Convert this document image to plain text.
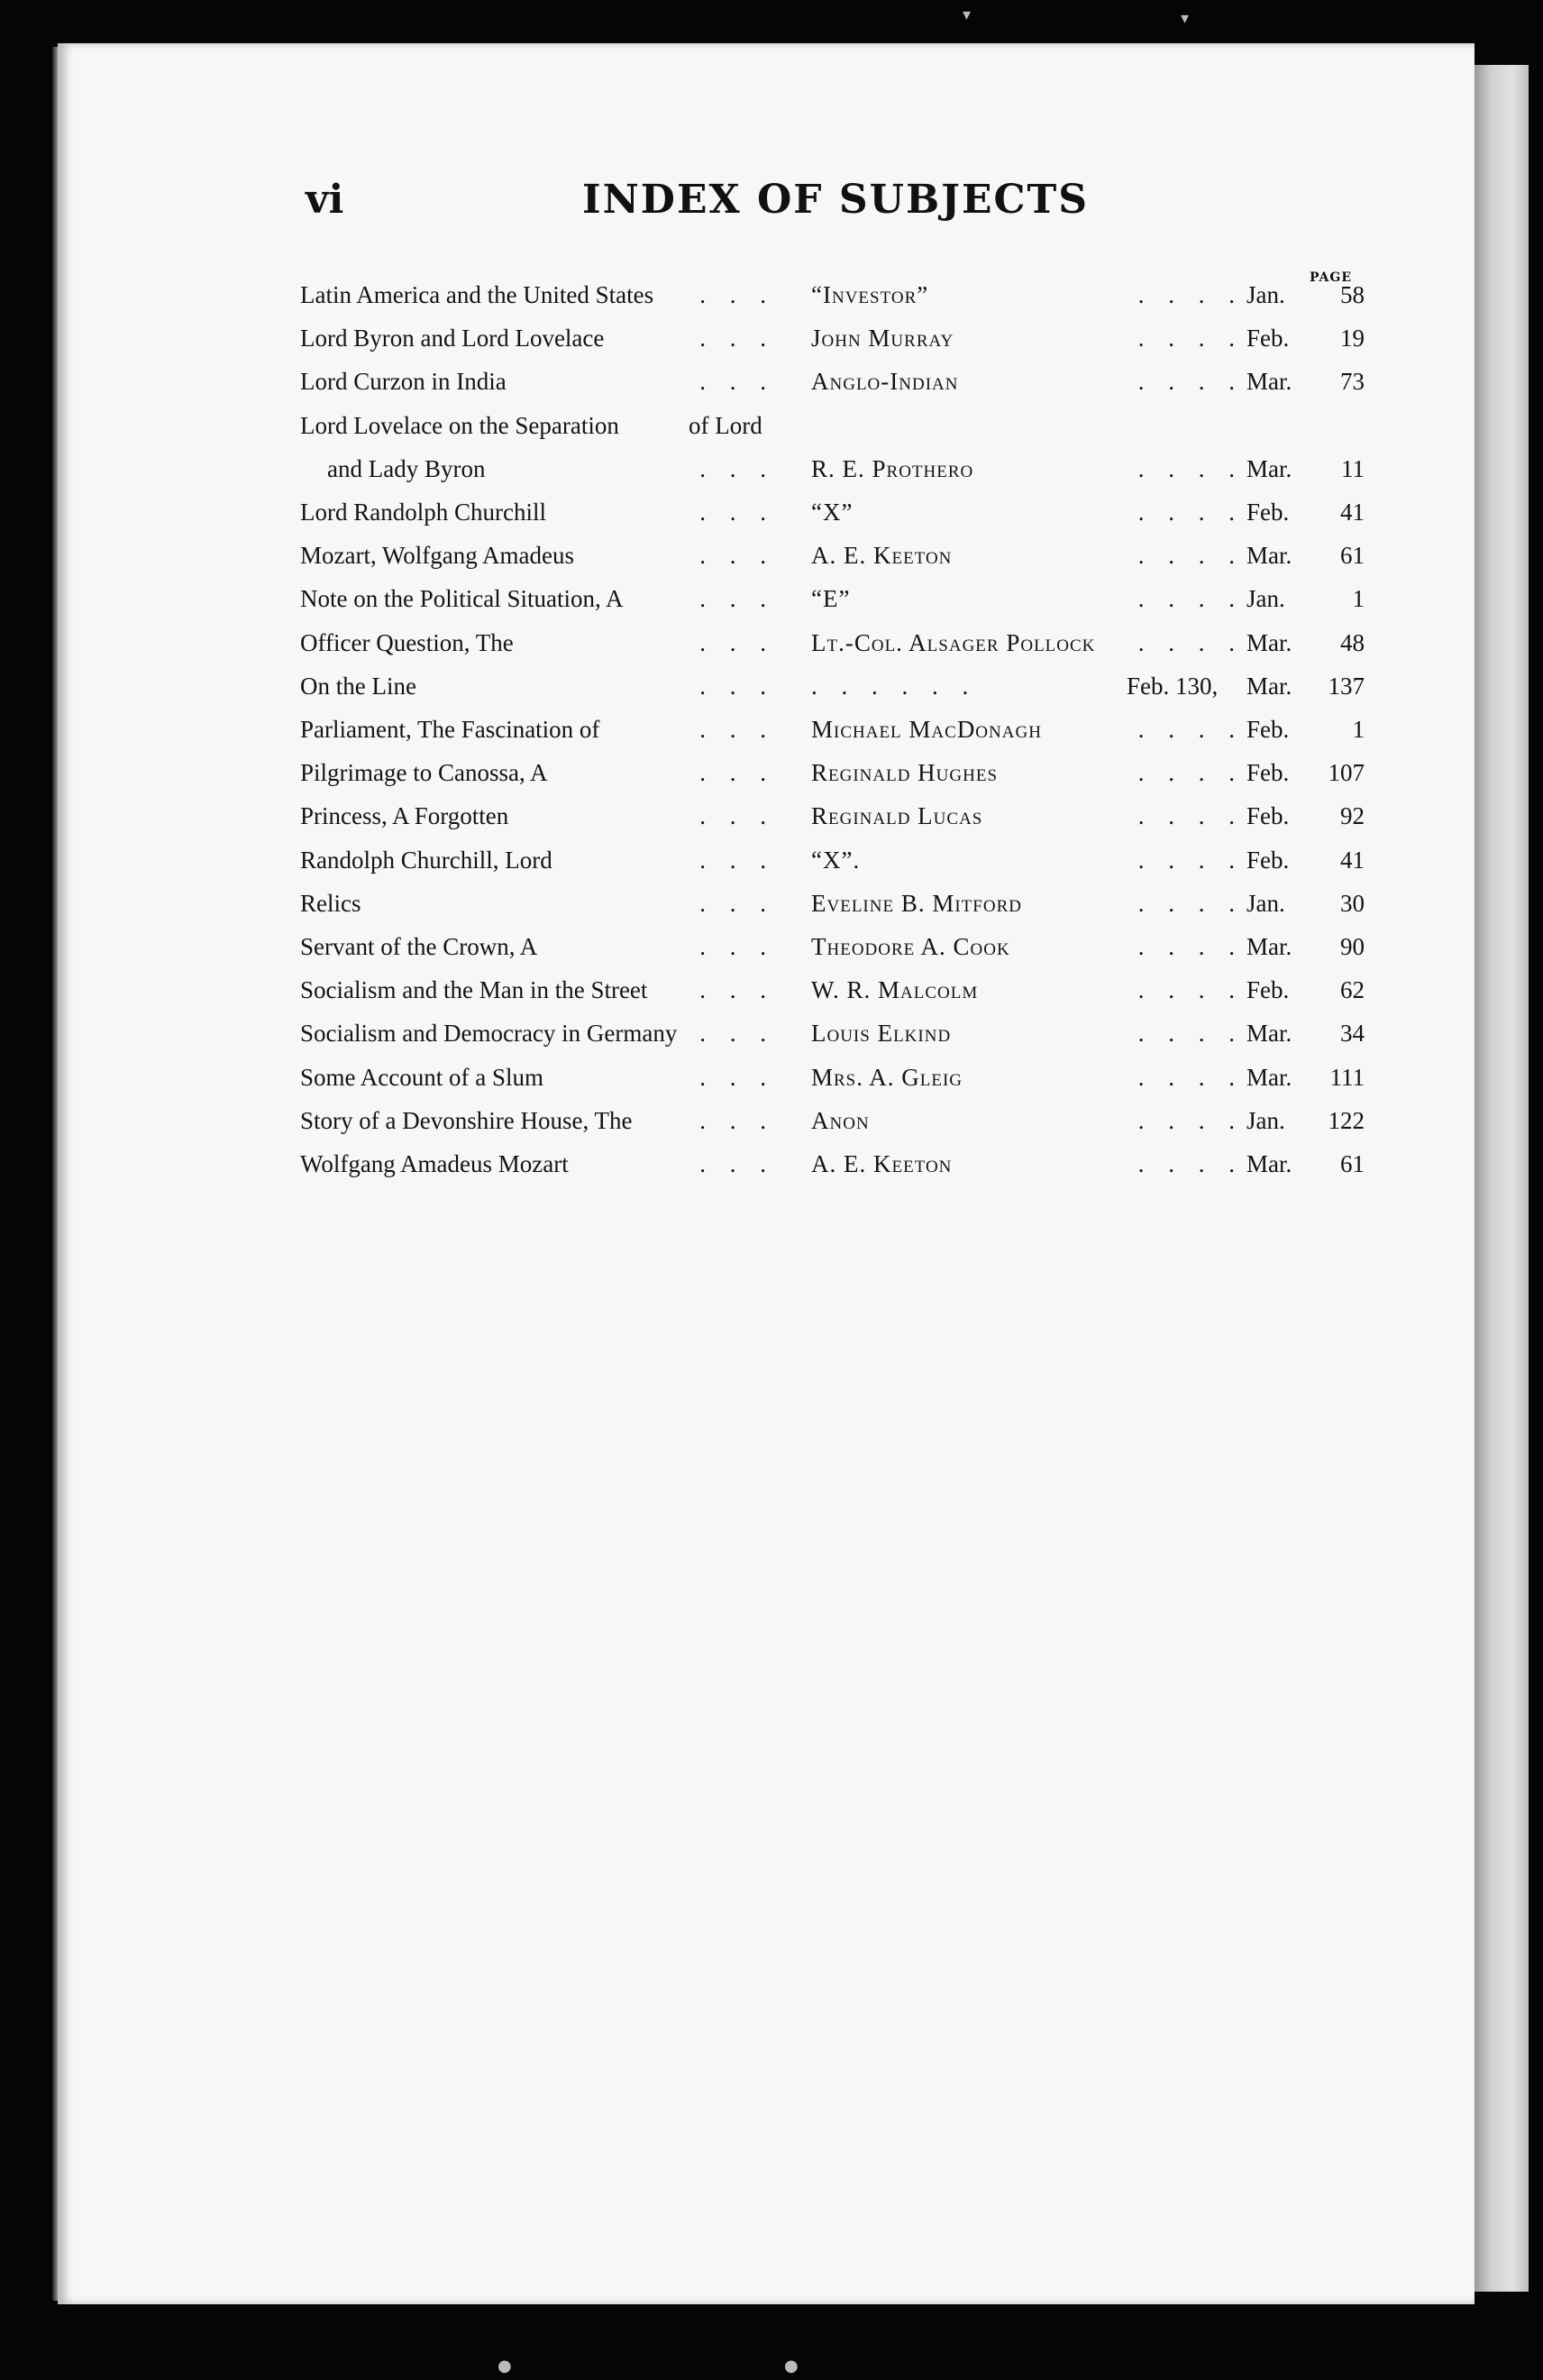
▾	▾
●	●
vi	INDEX OF SUBJECTS
PAGE
Latin America and the United States	. . . “Investor”	. . . . Jan.	58
Lord Byron and Lord Lovelace	. . . John Murray	. . . . Feb.	19
Lord Curzon in India	. . . Anglo-Indian	. . . . Mar.	73
Lord Lovelace on the Separation	of Lord
and Lady Byron	. . . R. E. Prothero	. . . . Mar.	11
Lord Randolph Churchill	. . . “X”	. . . . Feb.	41
Mozart, Wolfgang Amadeus	. . . A. E. Keeton	. . . . Mar.	61
Note on the Political Situation, A	. . . “E”	. . . . Jan.	1
Officer Question, The	. . . Lt.-Col. Alsager Pollock	. . . . Mar.	48
On the Line	. . . . . . . . .	Feb. 130, Mar. 137
Parliament, The Fascination of	. . . Michael MacDonagh	. . . . Feb.	1
Pilgrimage to Canossa, A	. . . Reginald Hughes	. . . . Feb. 107
Princess, A Forgotten	. . . Reginald Lucas	. . . . Feb.	92
Randolph Churchill, Lord	. . . “X”.	. . . . Feb.	41
Relics	. . . Eveline B. Mitford	. . . . Jan.	30
Servant of the Crown, A	. . . Theodore A. Cook	. . . . Mar.	90
Socialism and the Man in the Street	. . . W. R. Malcolm	. . . . Feb.	62
Socialism and Democracy in Germany . . . Louis Elkind	. . . . Mar.	34
Some Account of a Slum	. . . Mrs. A. Gleig	. . . . Mar. 111
Story of a Devonshire House, The	. . . Anon	. . . . Jan. 122
Wolfgang Amadeus Mozart	. . . A. E. Keeton	. . . . Mar.	61
